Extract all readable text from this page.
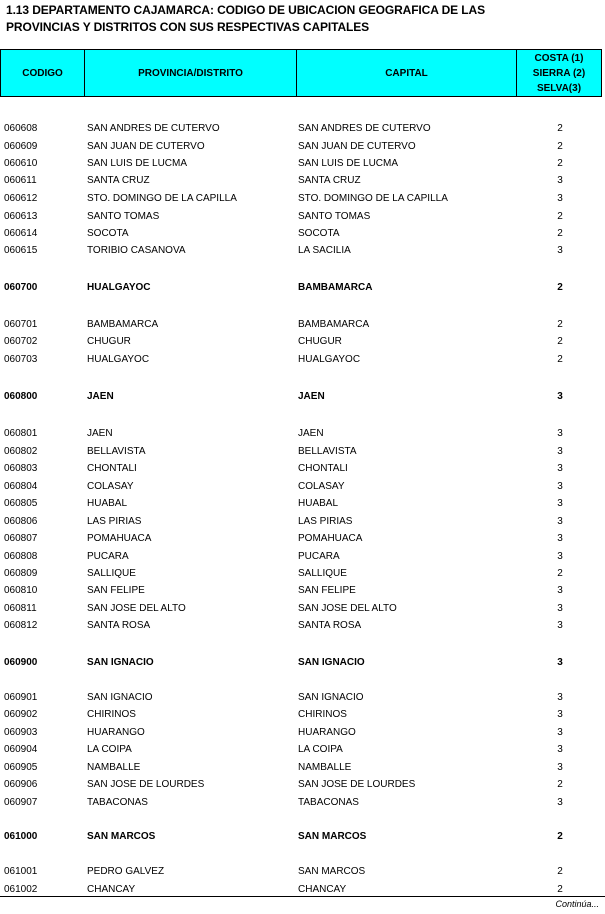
1.13 DEPARTAMENTO CAJAMARCA: CODIGO DE UBICACION GEOGRAFICA DE LAS
PROVINCIAS Y DISTRITOS CON SUS RESPECTIVAS CAPITALES
CODIGO	PROVINCIA/DISTRITO	CAPITAL
COSTA (1)
SIERRA (2)
SELVA(3)
060608	SAN ANDRES DE CUTERVO	SAN ANDRES DE CUTERVO	2
060609	SAN JUAN DE CUTERVO	SAN JUAN DE CUTERVO	2
060610	SAN LUIS DE LUCMA	SAN LUIS DE LUCMA	2
060611	SANTA CRUZ	SANTA CRUZ	3
060612	STO. DOMINGO DE LA CAPILLA	STO. DOMINGO DE LA CAPILLA	3
060613	SANTO TOMAS	SANTO TOMAS	2
060614	SOCOTA	SOCOTA	2
060615	TORIBIO CASANOVA	LA SACILIA	3
060700	HUALGAYOC	BAMBAMARCA	2
060701	BAMBAMARCA	BAMBAMARCA	2
060702	CHUGUR	CHUGUR	2
060703	HUALGAYOC	HUALGAYOC	2
060800	JAEN	JAEN	3
060801	JAEN	JAEN	3
060802	BELLAVISTA	BELLAVISTA	3
060803	CHONTALI	CHONTALI	3
060804	COLASAY	COLASAY	3
060805	HUABAL	HUABAL	3
060806	LAS PIRIAS	LAS PIRIAS	3
060807	POMAHUACA	POMAHUACA	3
060808	PUCARA	PUCARA	3
060809	SALLIQUE	SALLIQUE	2
060810	SAN FELIPE	SAN FELIPE	3
060811	SAN JOSE DEL ALTO	SAN JOSE DEL ALTO	3
060812	SANTA ROSA	SANTA ROSA	3
060900	SAN IGNACIO	SAN IGNACIO	3
060901	SAN IGNACIO	SAN IGNACIO	3
060902	CHIRINOS	CHIRINOS	3
060903	HUARANGO	HUARANGO	3
060904	LA COIPA	LA COIPA	3
060905	NAMBALLE	NAMBALLE	3
060906	SAN JOSE DE LOURDES	SAN JOSE DE LOURDES	2
060907	TABACONAS	TABACONAS	3
061000	SAN MARCOS	SAN MARCOS	2
061001	PEDRO GALVEZ	SAN MARCOS	2
061002	CHANCAY	CHANCAY	2
Continúa...
